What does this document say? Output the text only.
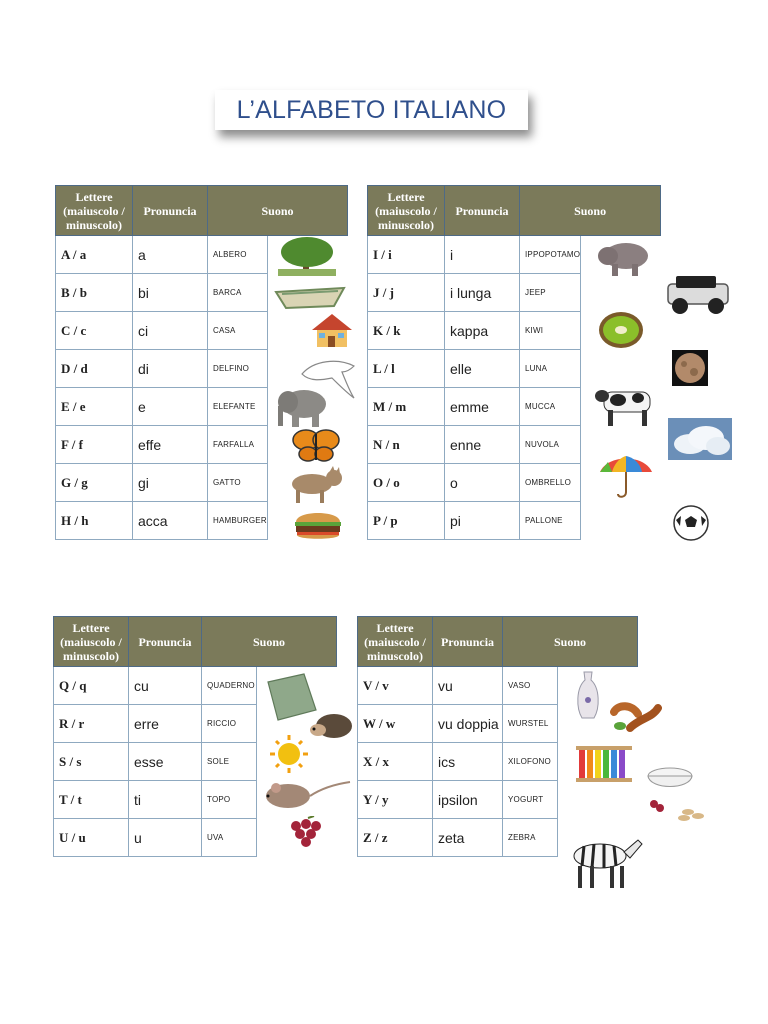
L’ALFABETO ITALIANO
Lettere
(maiuscolo /
minuscolo)	Pronuncia	Suono	
A / a	a	ALBERO	
B / b	bi	BARCA	
C / c	ci	CASA	
D / d	di	DELFINO	
E / e	e	ELEFANTE	
F / f	effe	FARFALLA	
G / g	gi	GATTO	
H / h	acca	HAMBURGER	
Lettere
(maiuscolo /
minuscolo)	Pronuncia	Suono	
I / i	i	IPPOPOTAMO	
J / j	i lunga	JEEP	
K / k	kappa	KIWI	
L / l	elle	LUNA	
M / m	emme	MUCCA	
N / n	enne	NUVOLA	
O / o	o	OMBRELLO	
P / p	pi	PALLONE	
Lettere
(maiuscolo /
minuscolo)	Pronuncia	Suono	
Q / q	cu	QUADERNO	
R / r	erre	RICCIO	
S / s	esse	SOLE	
T / t	ti	TOPO	
U / u	u	UVA	
Lettere
(maiuscolo /
minuscolo)	Pronuncia	Suono	
V / v	vu	VASO	
W / w	vu doppia	WURSTEL	
X / x	ics	XILOFONO	
Y / y	ipsilon	YOGURT	
Z / z	zeta	ZEBRA	
